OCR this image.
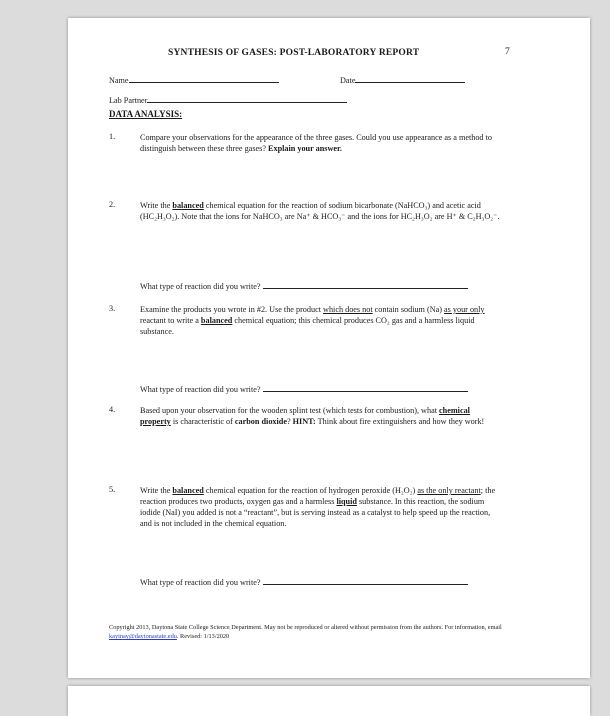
SYNTHESIS OF GASES: POST-LABORATORY REPORT	7
Name	Date
Lab Partner
DATA ANALYSIS:
1.	Compare your observations for the appearance of the three gases. Could you use appearance as a method to distinguish between these three gases? Explain your answer.
2.	Write the balanced chemical equation for the reaction of sodium bicarbonate (NaHCO₃) and acetic acid (HC₂H₃O₂). Note that the ions for NaHCO₃ are Na⁺ & HCO₃⁻ and the ions for HC₂H₃O₂ are H⁺ & C₂H₃O₂⁻.
What type of reaction did you write?
3.	Examine the products you wrote in #2. Use the product which does not contain sodium (Na) as your only reactant to write a balanced chemical equation; this chemical produces CO₂ gas and a harmless liquid substance.
What type of reaction did you write?
4.	Based upon your observation for the wooden splint test (which tests for combustion), what chemical property is characteristic of carbon dioxide? HINT: Think about fire extinguishers and how they work!
5.	Write the balanced chemical equation for the reaction of hydrogen peroxide (H₂O₂) as the only reactant; the reaction produces two products, oxygen gas and a harmless liquid substance. In this reaction, the sodium iodide (NaI) you added is not a “reactant”, but is serving instead as a catalyst to help speed up the reaction, and is not included in the chemical equation.
What type of reaction did you write?
Copyright 2013, Daytona State College Science Department. May not be reproduced or altered without permission from the authors. For information, email kayinay@daytonastate.edu. Revised: 1/13/2020
